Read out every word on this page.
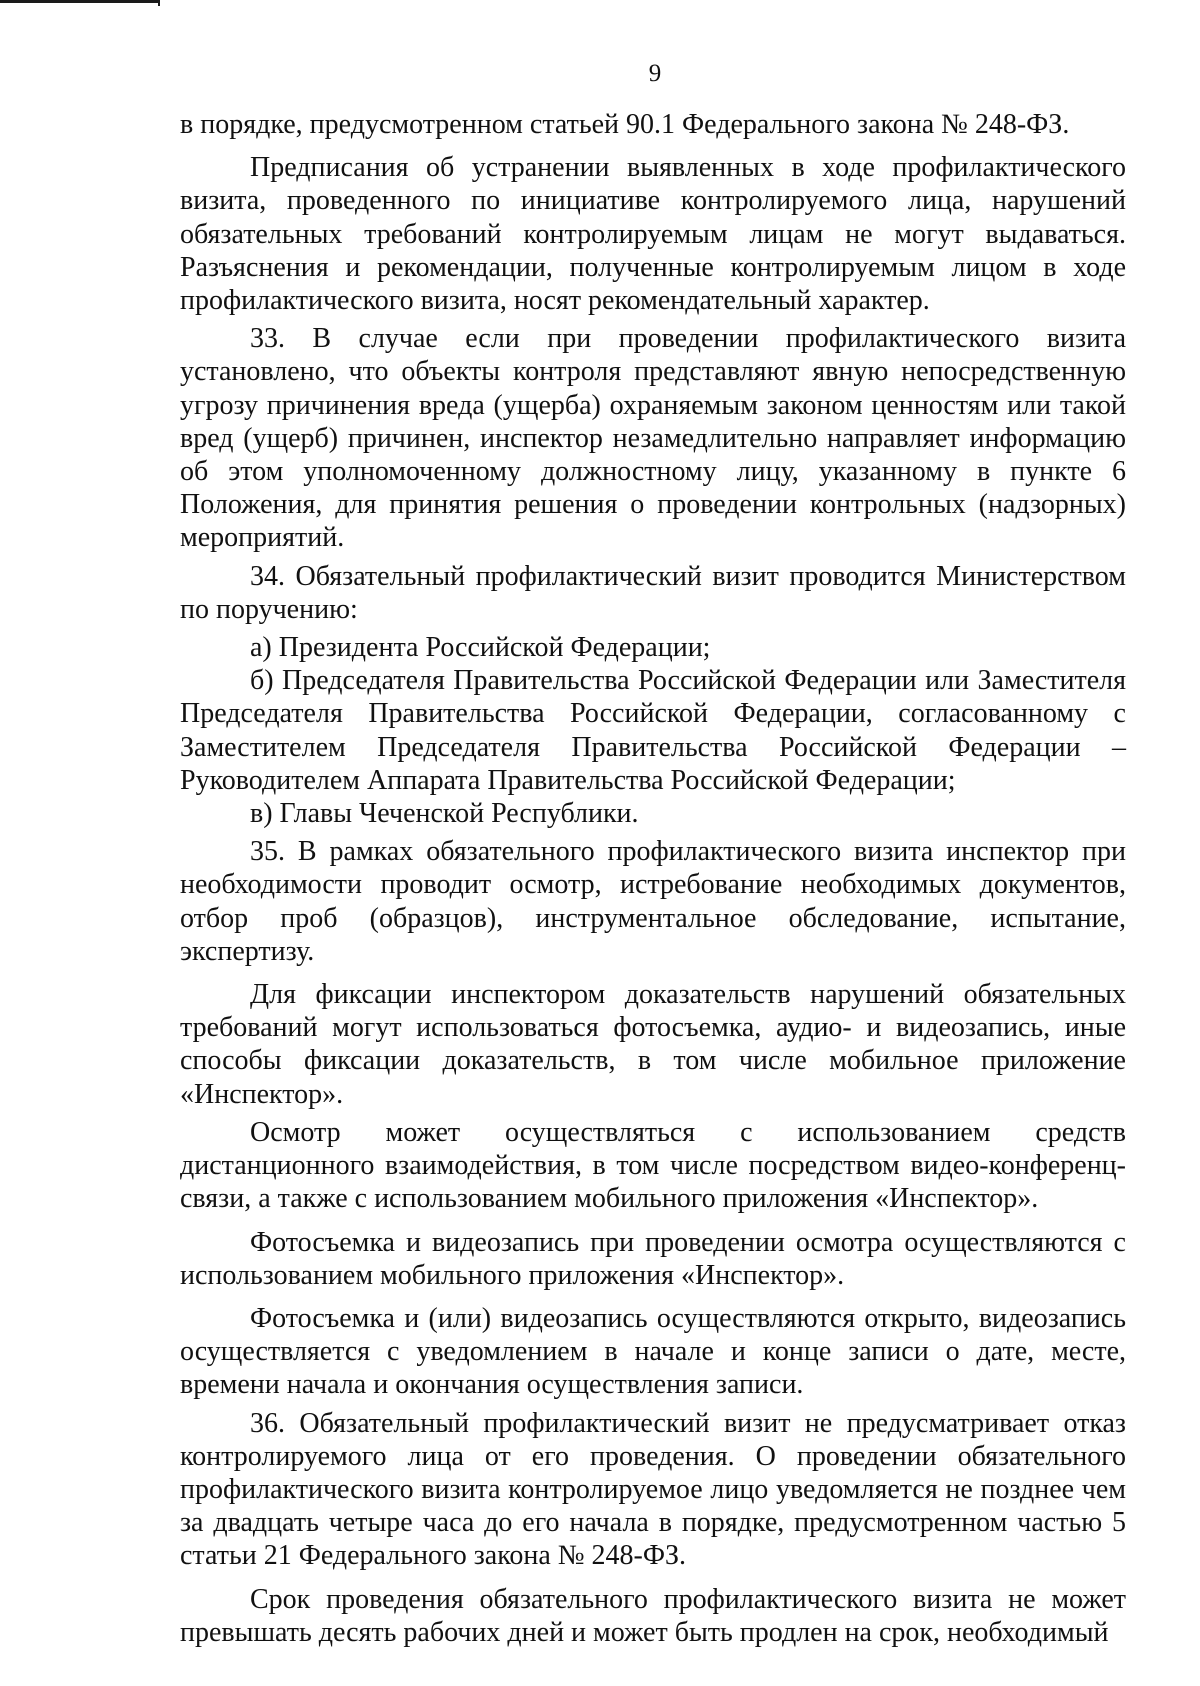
9

в порядке, предусмотренном статьей 90.1 Федерального закона № 248-ФЗ.

Предписания об устранении выявленных в ходе профилактического визита, проведенного по инициативе контролируемого лица, нарушений обязательных требований контролируемым лицам не могут выдаваться. Разъяснения и рекомендации, полученные контролируемым лицом в ходе профилактического визита, носят рекомендательный характер.

33. В случае если при проведении профилактического визита установлено, что объекты контроля представляют явную непосредственную угрозу причинения вреда (ущерба) охраняемым законом ценностям или такой вред (ущерб) причинен, инспектор незамедлительно направляет информацию об этом уполномоченному должностному лицу, указанному в пункте 6 Положения, для принятия решения о проведении контрольных (надзорных) мероприятий.

34. Обязательный профилактический визит проводится Министерством по поручению:

а) Президента Российской Федерации;

б) Председателя Правительства Российской Федерации или Заместителя Председателя Правительства Российской Федерации, согласованному с Заместителем Председателя Правительства Российской Федерации – Руководителем Аппарата Правительства Российской Федерации;

в) Главы Чеченской Республики.

35. В рамках обязательного профилактического визита инспектор при необходимости проводит осмотр, истребование необходимых документов, отбор проб (образцов), инструментальное обследование, испытание, экспертизу.

Для фиксации инспектором доказательств нарушений обязательных требований могут использоваться фотосъемка, аудио- и видеозапись, иные способы фиксации доказательств, в том числе мобильное приложение «Инспектор».

Осмотр может осуществляться с использованием средств дистанционного взаимодействия, в том числе посредством видео-конференц-связи, а также с использованием мобильного приложения «Инспектор».

Фотосъемка и видеозапись при проведении осмотра осуществляются с использованием мобильного приложения «Инспектор».

Фотосъемка и (или) видеозапись осуществляются открыто, видеозапись осуществляется с уведомлением в начале и конце записи о дате, месте, времени начала и окончания осуществления записи.

36. Обязательный профилактический визит не предусматривает отказ контролируемого лица от его проведения. О проведении обязательного профилактического визита контролируемое лицо уведомляется не позднее чем за двадцать четыре часа до его начала в порядке, предусмотренном частью 5 статьи 21 Федерального закона № 248-ФЗ.

Срок проведения обязательного профилактического визита не может превышать десять рабочих дней и может быть продлен на срок, необходимый
